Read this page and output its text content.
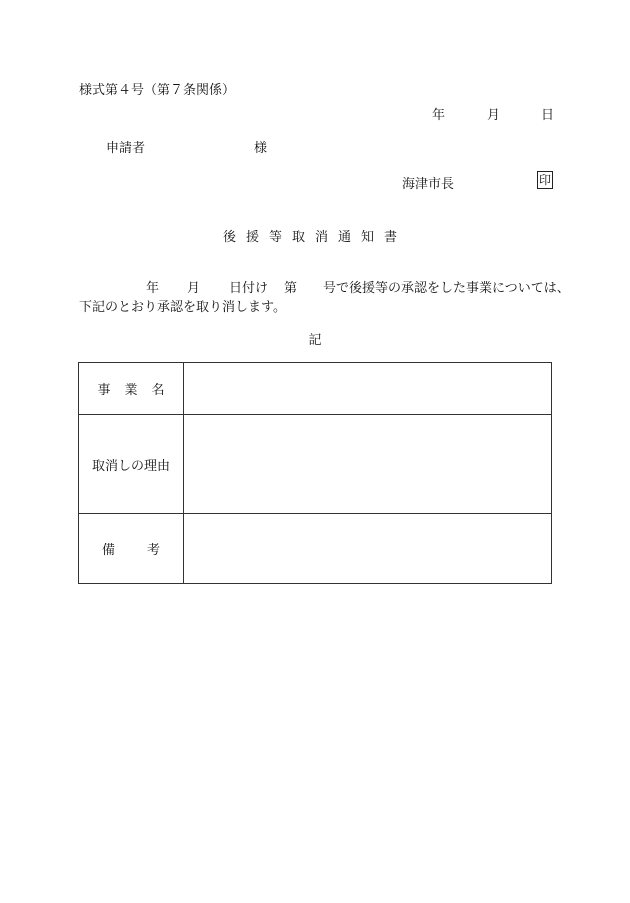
様式第４号（第７条関係）
年	月	日
申請者	様
海津市長	印
後援等取消通知書
年 月 日付け 第 号で後援等の承認をした事業については、
下記のとおり承認を取り消します。
記
事業名	
取消しの理由	
備考	
